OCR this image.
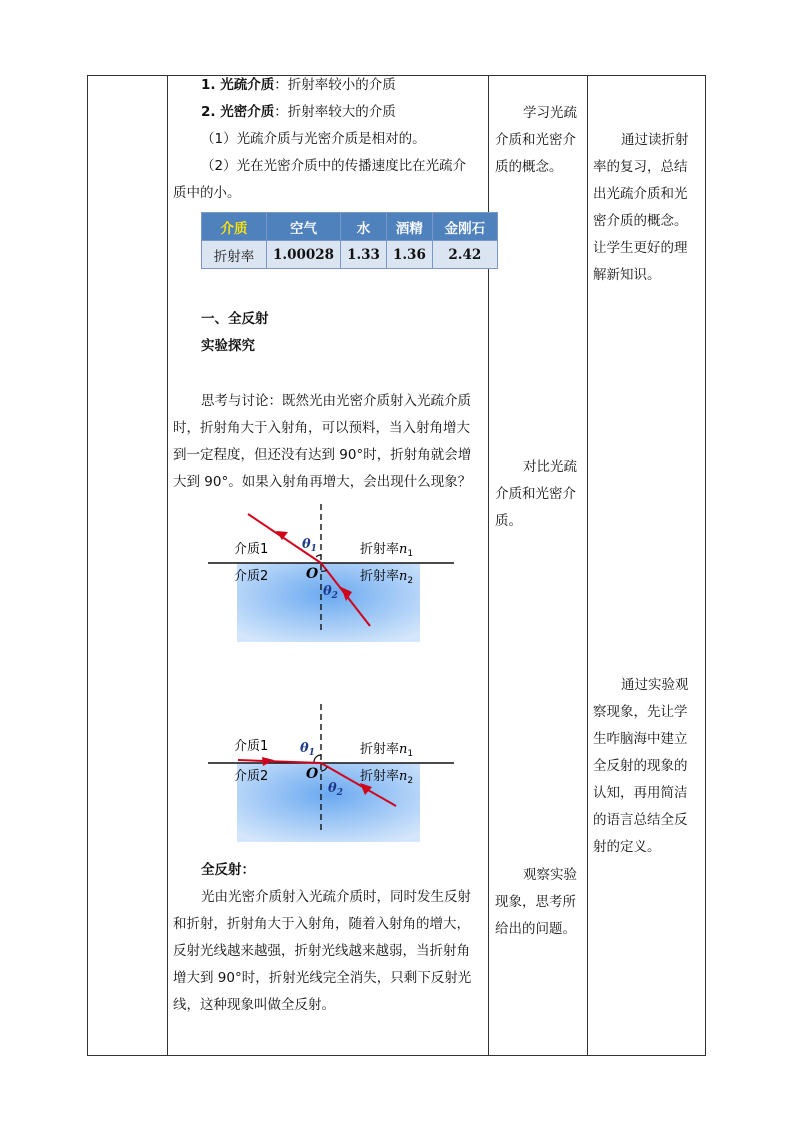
1. 光疏介质：折射率较小的介质
2. 光密介质：折射率较大的介质
（1）光疏介质与光密介质是相对的。
（2）光在光密介质中的传播速度比在光疏介
质中的小。
介质	空气	水	酒精	金刚石
折射率	1.00028	1.33	1.36	2.42
一、全反射
实验探究
思考与讨论：既然光由光密介质射入光疏介质
时，折射角大于入射角，可以预料，当入射角增大
到一定程度，但还没有达到 90°时，折射角就会增
大到 90°。如果入射角再增大，会出现什么现象？
介质1
介质2
折射率$n_1$
折射率$n_2$
O
$\theta_1$
$\theta_2$
介质1
介质2
折射率$n_1$
折射率$n_2$
O
$\theta_1$
$\theta_2$
全反射：
光由光密介质射入光疏介质时，同时发生反射
和折射，折射角大于入射角，随着入射角的增大，
反射光线越来越强，折射光线越来越弱，当折射角
增大到 90°时，折射光线完全消失，只剩下反射光
线，这种现象叫做全反射。
学习光疏
介质和光密介
质的概念。
对比光疏
介质和光密介
质。
观察实验
现象，思考所
给出的问题。
通过读折射
率的复习，总结
出光疏介质和光
密介质的概念。
让学生更好的理
解新知识。
通过实验观
察现象，先让学
生咋脑海中建立
全反射的现象的
认知，再用简洁
的语言总结全反
射的定义。
